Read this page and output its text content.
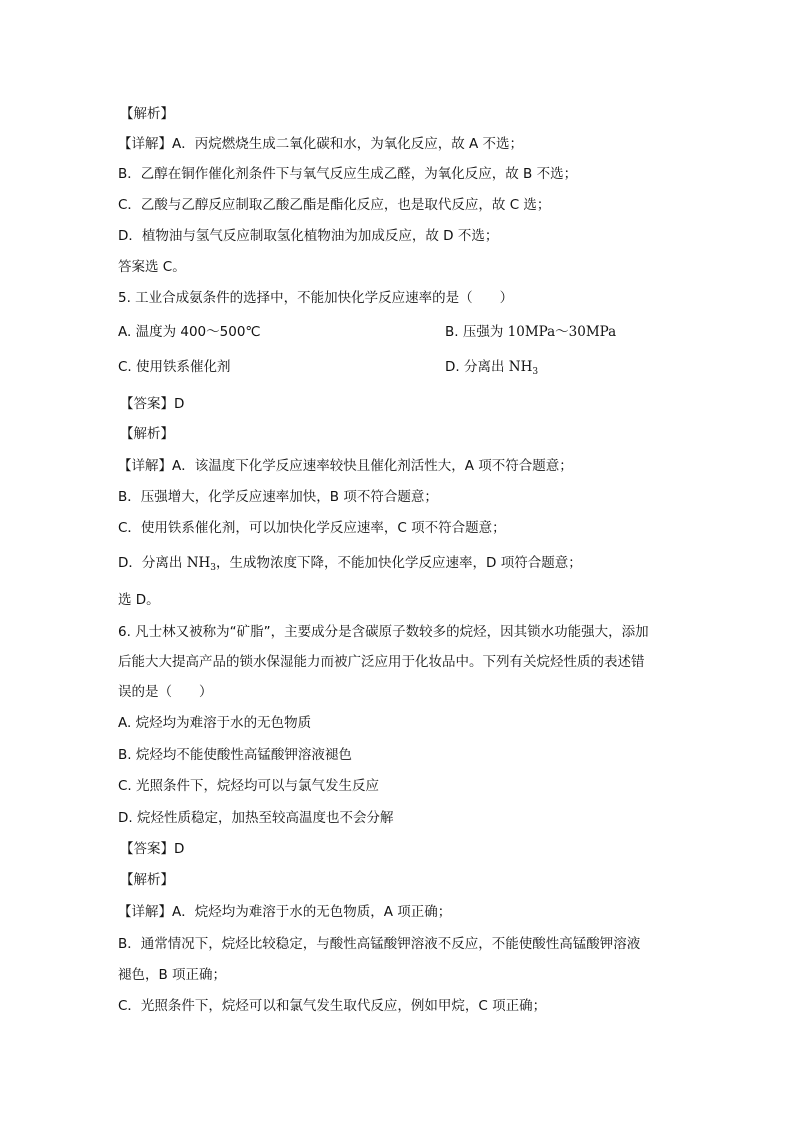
【解析】
【详解】A．丙烷燃烧生成二氧化碳和水，为氧化反应，故 A 不选；
B．乙醇在铜作催化剂条件下与氧气反应生成乙醛，为氧化反应，故 B 不选；
C．乙酸与乙醇反应制取乙酸乙酯是酯化反应，也是取代反应，故 C 选；
D．植物油与氢气反应制取氢化植物油为加成反应，故 D 不选；
答案选 C。
5. 工业合成氨条件的选择中，不能加快化学反应速率的是（　　）
A. 温度为 400～500℃	B. 压强为 10MPa～30MPa
C. 使用铁系催化剂	D. 分离出 $NH_3$
【答案】D
【解析】
【详解】A．该温度下化学反应速率较快且催化剂活性大，A 项不符合题意；
B．压强增大，化学反应速率加快，B 项不符合题意；
C．使用铁系催化剂，可以加快化学反应速率，C 项不符合题意；
D．分离出 $NH_3$，生成物浓度下降，不能加快化学反应速率，D 项符合题意；
选 D。
6. 凡士林又被称为“矿脂”，主要成分是含碳原子数较多的烷烃，因其锁水功能强大，添加
后能大大提高产品的锁水保湿能力而被广泛应用于化妆品中。下列有关烷烃性质的表述错
误的是（　　）
A. 烷烃均为难溶于水的无色物质
B. 烷烃均不能使酸性高锰酸钾溶液褪色
C. 光照条件下，烷烃均可以与氯气发生反应
D. 烷烃性质稳定，加热至较高温度也不会分解
【答案】D
【解析】
【详解】A．烷烃均为难溶于水的无色物质，A 项正确；
B．通常情况下，烷烃比较稳定，与酸性高锰酸钾溶液不反应，不能使酸性高锰酸钾溶液
褪色，B 项正确；
C．光照条件下，烷烃可以和氯气发生取代反应，例如甲烷，C 项正确；
